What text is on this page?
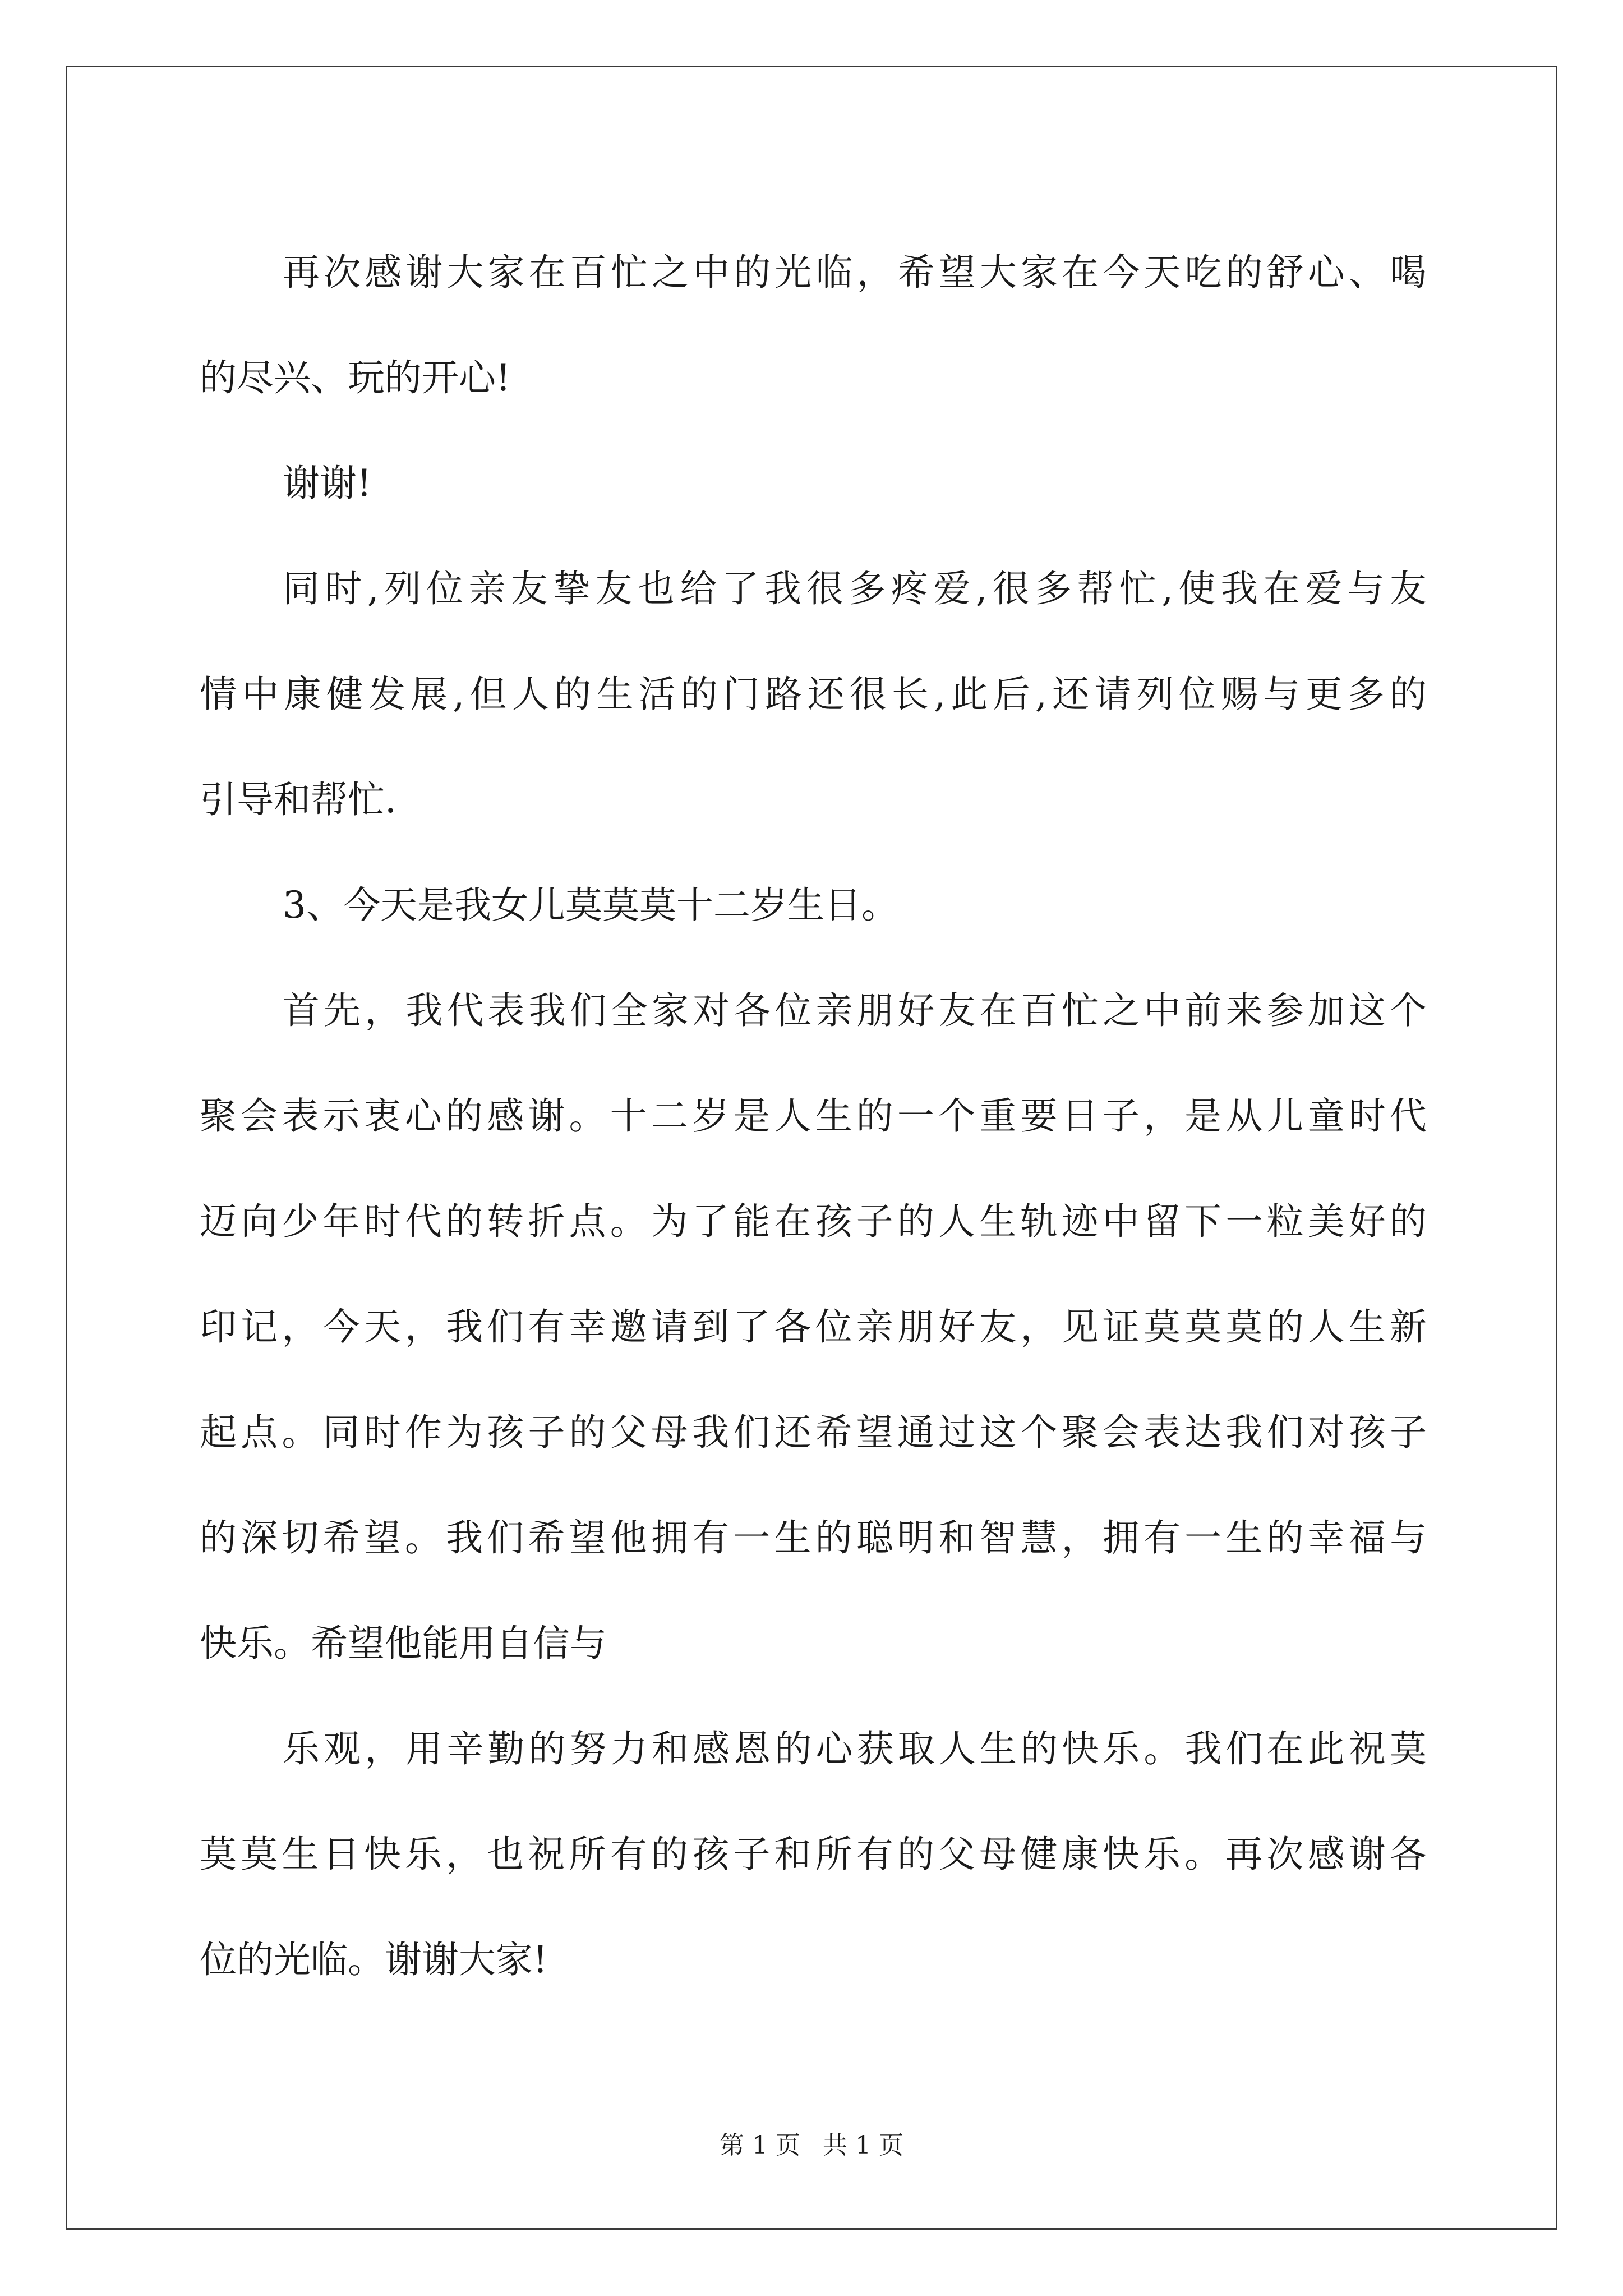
再次感谢大家在百忙之中的光临，希望大家在今天吃的舒心、喝
的尽兴、玩的开心!
谢谢!
同时,列位亲友挚友也给了我很多疼爱,很多帮忙,使我在爱与友
情中康健发展,但人的生活的门路还很长,此后,还请列位赐与更多的
引导和帮忙.
3、今天是我女儿莫莫莫十二岁生日。
首先，我代表我们全家对各位亲朋好友在百忙之中前来参加这个
聚会表示衷心的感谢。十二岁是人生的一个重要日子，是从儿童时代
迈向少年时代的转折点。为了能在孩子的人生轨迹中留下一粒美好的
印记，今天，我们有幸邀请到了各位亲朋好友，见证莫莫莫的人生新
起点。同时作为孩子的父母我们还希望通过这个聚会表达我们对孩子
的深切希望。我们希望他拥有一生的聪明和智慧，拥有一生的幸福与
快乐。希望他能用自信与
乐观，用辛勤的努力和感恩的心获取人生的快乐。我们在此祝莫
莫莫生日快乐，也祝所有的孩子和所有的父母健康快乐。再次感谢各
位的光临。谢谢大家!
第 1 页 共 1 页
